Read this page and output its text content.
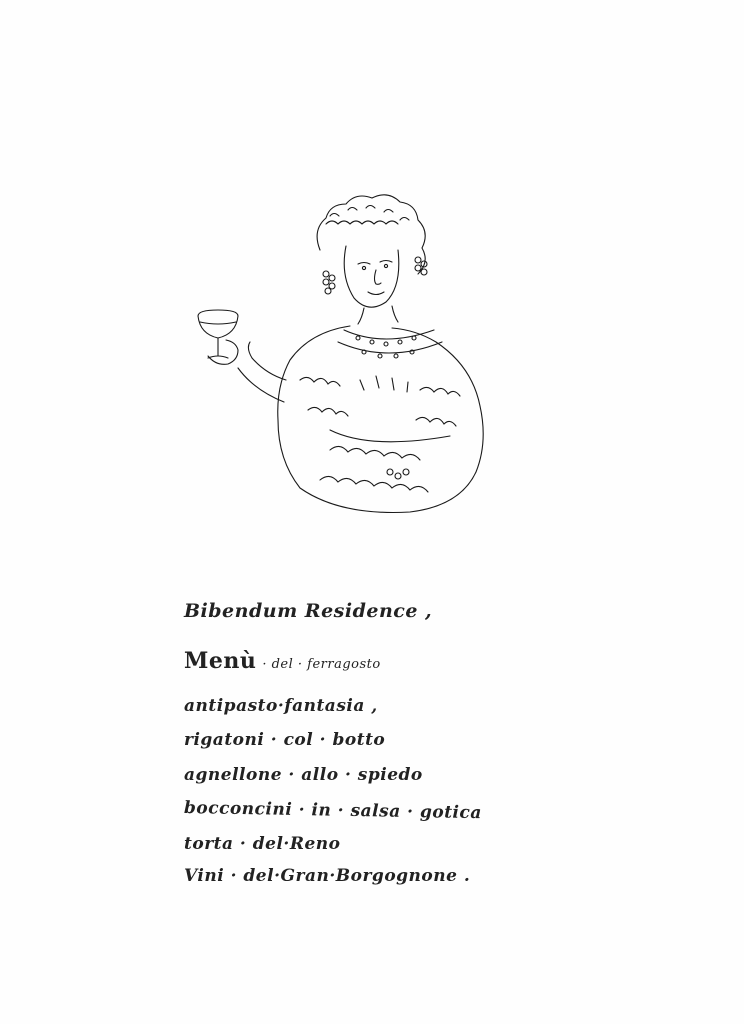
Bibendum Residence ,
Menù · del · ferragosto
antipasto·fantasia ,
rigatoni · col · botto
agnellone · allo · spiedo
bocconcini · in · salsa · gotica
torta · del·Reno
Vini · del·Gran·Borgognone .
